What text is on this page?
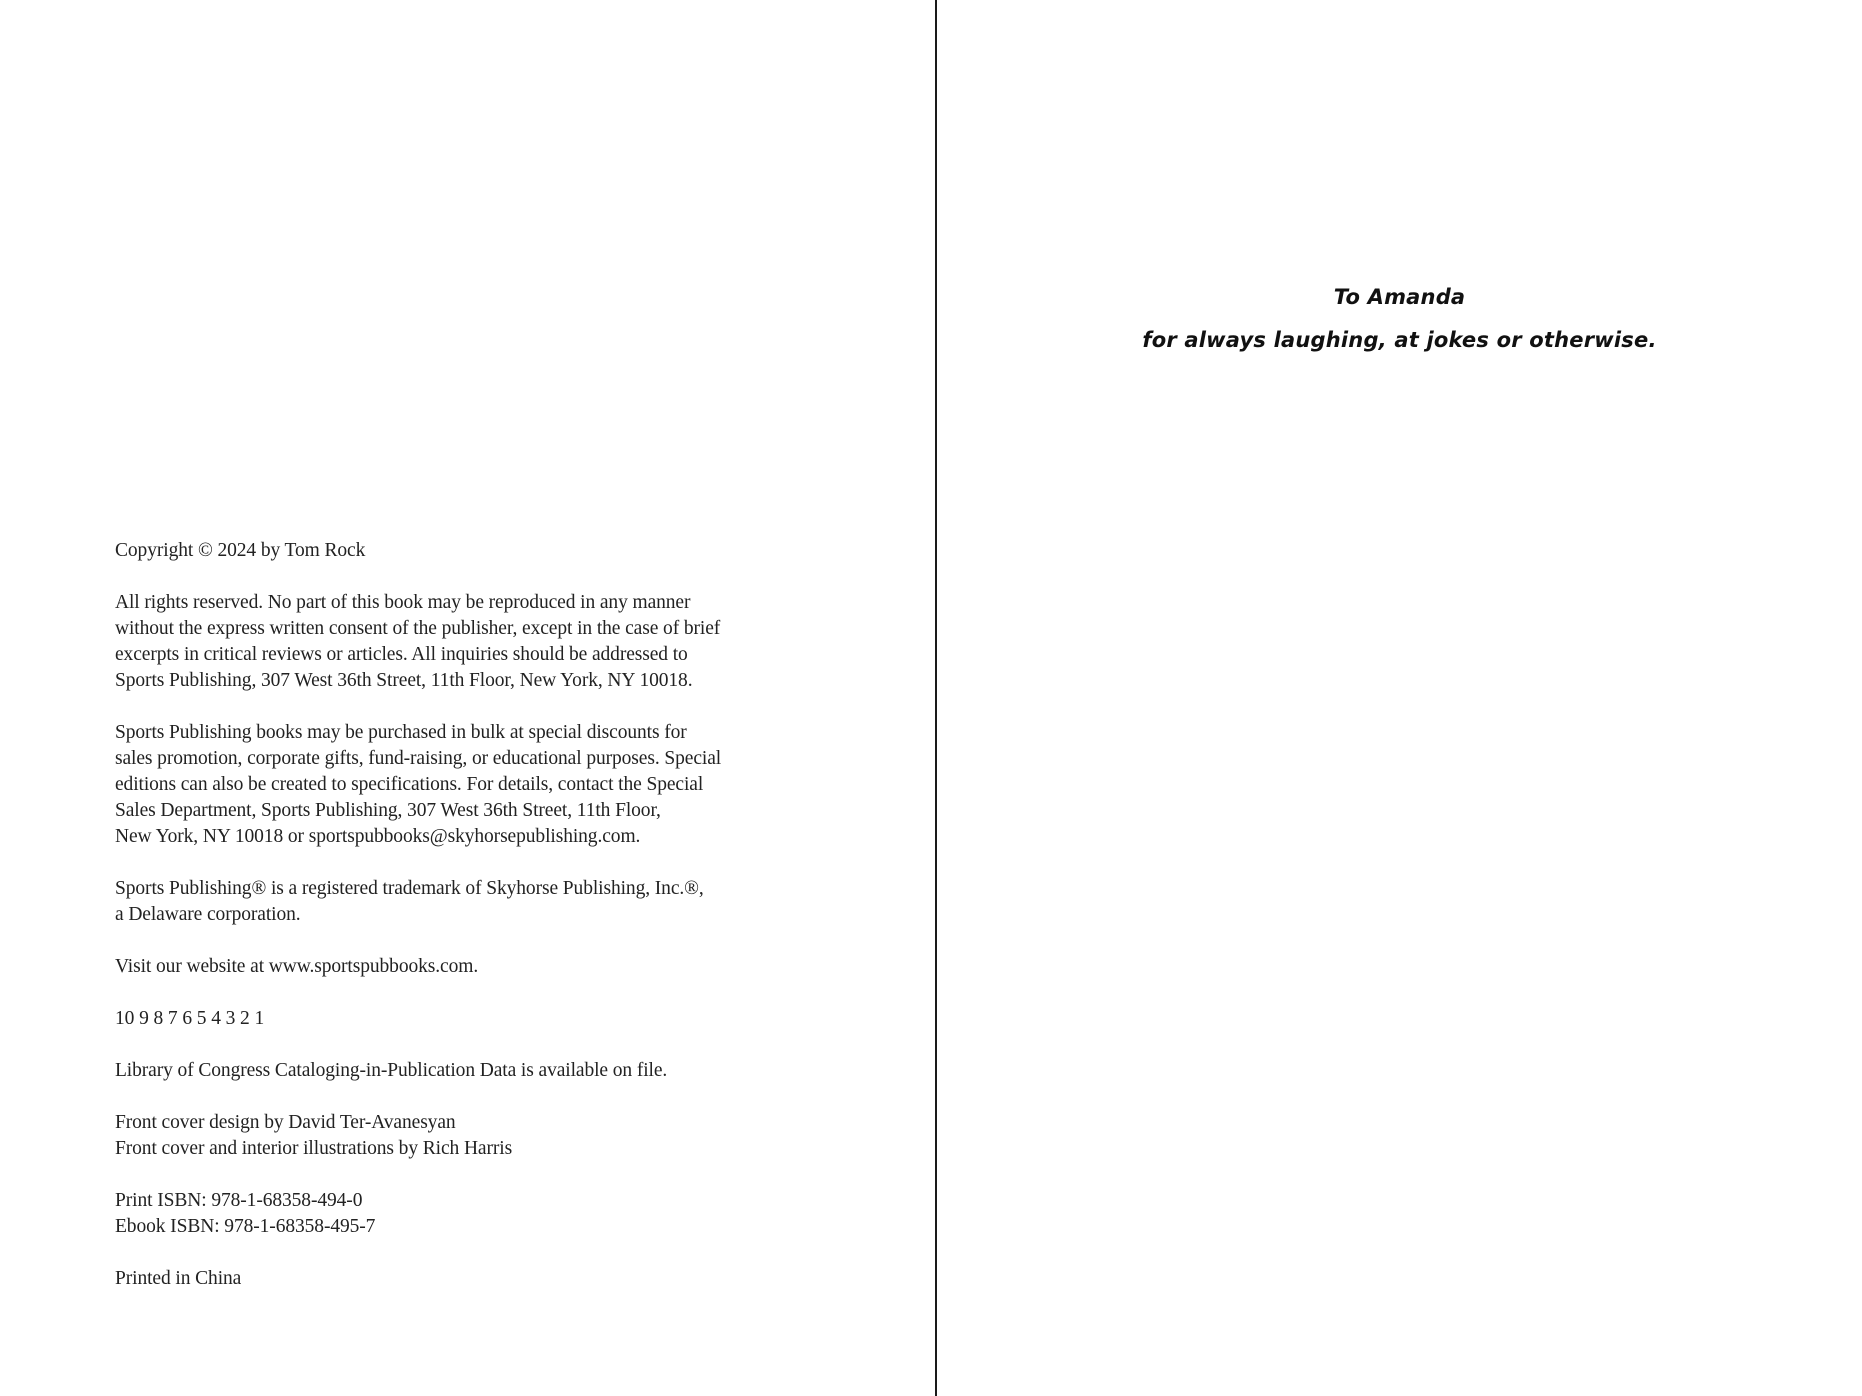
Copyright © 2024 by Tom Rock

All rights reserved. No part of this book may be reproduced in any manner
without the express written consent of the publisher, except in the case of brief
excerpts in critical reviews or articles. All inquiries should be addressed to
Sports Publishing, 307 West 36th Street, 11th Floor, New York, NY 10018.

Sports Publishing books may be purchased in bulk at special discounts for
sales promotion, corporate gifts, fund-raising, or educational purposes. Special
editions can also be created to specifications. For details, contact the Special
Sales Department, Sports Publishing, 307 West 36th Street, 11th Floor,
New York, NY 10018 or sportspubbooks@skyhorsepublishing.com.

Sports Publishing® is a registered trademark of Skyhorse Publishing, Inc.®,
a Delaware corporation.

Visit our website at www.sportspubbooks.com.

10 9 8 7 6 5 4 3 2 1

Library of Congress Cataloging-in-Publication Data is available on file.

Front cover design by David Ter-Avanesyan
Front cover and interior illustrations by Rich Harris

Print ISBN: 978-1-68358-494-0
Ebook ISBN: 978-1-68358-495-7

Printed in China

To Amanda
for always laughing, at jokes or otherwise.
